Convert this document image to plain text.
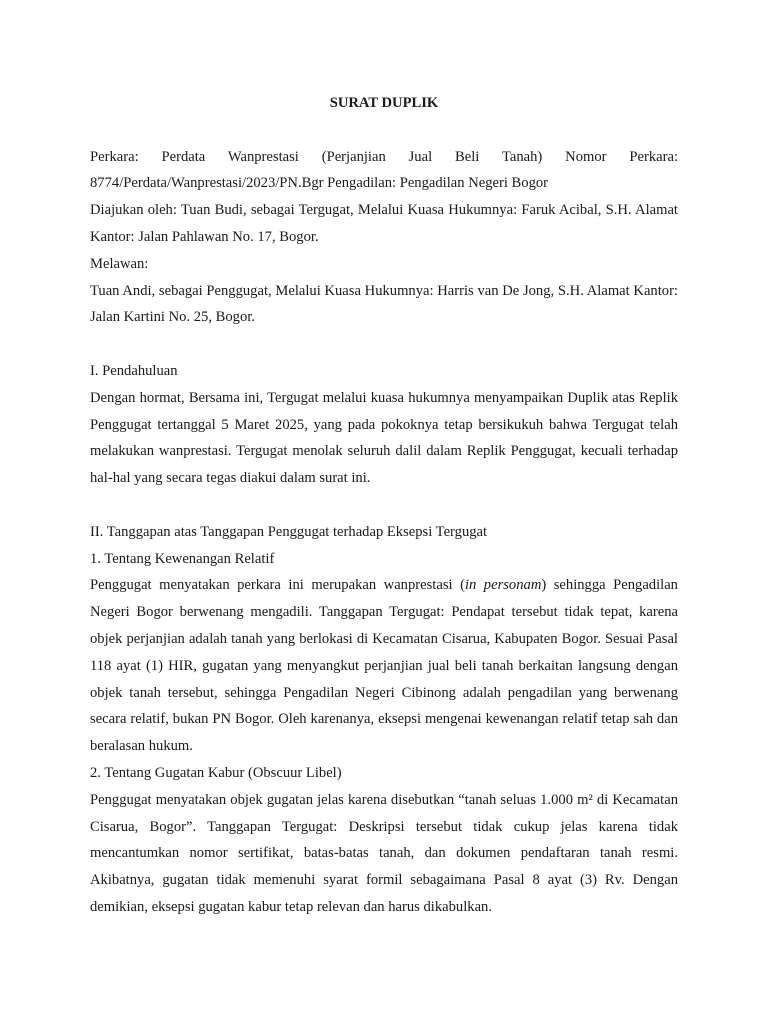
SURAT DUPLIK

Perkara: Perdata Wanprestasi (Perjanjian Jual Beli Tanah) Nomor Perkara: 8774/Perdata/Wanprestasi/2023/PN.Bgr Pengadilan: Pengadilan Negeri Bogor

Diajukan oleh: Tuan Budi, sebagai Tergugat, Melalui Kuasa Hukumnya: Faruk Acibal, S.H. Alamat Kantor: Jalan Pahlawan No. 17, Bogor.

Melawan:

Tuan Andi, sebagai Penggugat, Melalui Kuasa Hukumnya: Harris van De Jong, S.H. Alamat Kantor: Jalan Kartini No. 25, Bogor.

I. Pendahuluan

Dengan hormat, Bersama ini, Tergugat melalui kuasa hukumnya menyampaikan Duplik atas Replik Penggugat tertanggal 5 Maret 2025, yang pada pokoknya tetap bersikukuh bahwa Tergugat telah melakukan wanprestasi. Tergugat menolak seluruh dalil dalam Replik Penggugat, kecuali terhadap hal-hal yang secara tegas diakui dalam surat ini.

II. Tanggapan atas Tanggapan Penggugat terhadap Eksepsi Tergugat

1. Tentang Kewenangan Relatif

Penggugat menyatakan perkara ini merupakan wanprestasi (in personam) sehingga Pengadilan Negeri Bogor berwenang mengadili. Tanggapan Tergugat: Pendapat tersebut tidak tepat, karena objek perjanjian adalah tanah yang berlokasi di Kecamatan Cisarua, Kabupaten Bogor. Sesuai Pasal 118 ayat (1) HIR, gugatan yang menyangkut perjanjian jual beli tanah berkaitan langsung dengan objek tanah tersebut, sehingga Pengadilan Negeri Cibinong adalah pengadilan yang berwenang secara relatif, bukan PN Bogor. Oleh karenanya, eksepsi mengenai kewenangan relatif tetap sah dan beralasan hukum.

2. Tentang Gugatan Kabur (Obscuur Libel)

Penggugat menyatakan objek gugatan jelas karena disebutkan “tanah seluas 1.000 m² di Kecamatan Cisarua, Bogor”. Tanggapan Tergugat: Deskripsi tersebut tidak cukup jelas karena tidak mencantumkan nomor sertifikat, batas-batas tanah, dan dokumen pendaftaran tanah resmi. Akibatnya, gugatan tidak memenuhi syarat formil sebagaimana Pasal 8 ayat (3) Rv. Dengan demikian, eksepsi gugatan kabur tetap relevan dan harus dikabulkan.
